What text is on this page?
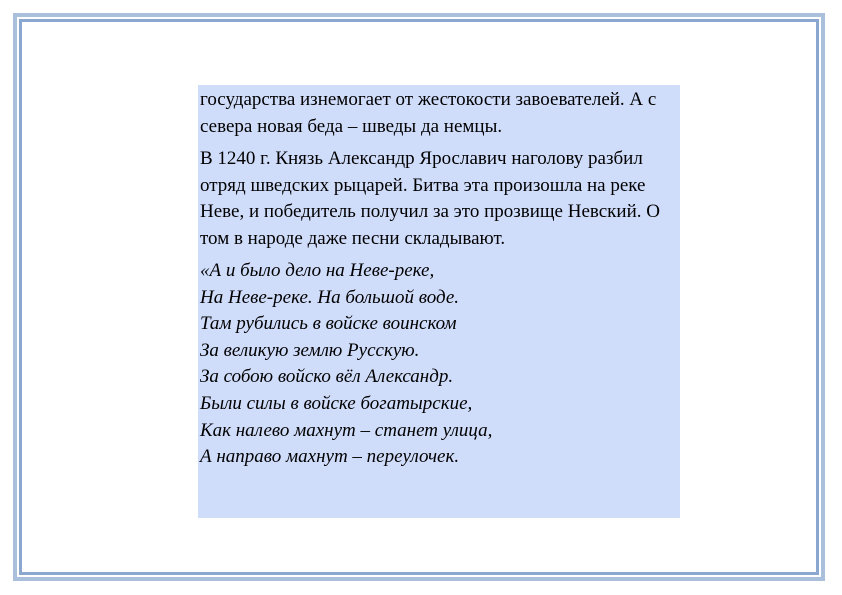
государства изнемогает от жестокости завоевателей. А с севера новая беда – шведы да немцы.

В 1240 г. Князь Александр Ярославич наголову разбил отряд шведских рыцарей. Битва эта произошла на реке Неве, и победитель получил за это прозвище Невский. О том в народе даже песни складывают.

«А и было дело на Неве-реке,
На Неве-реке. На большой воде.
Там рубились в войске воинском
За великую землю Русскую.
За собою войско вёл Александр.
Были силы в войске богатырские,
Как налево махнут – станет улица,
А направо махнут – переулочек.
